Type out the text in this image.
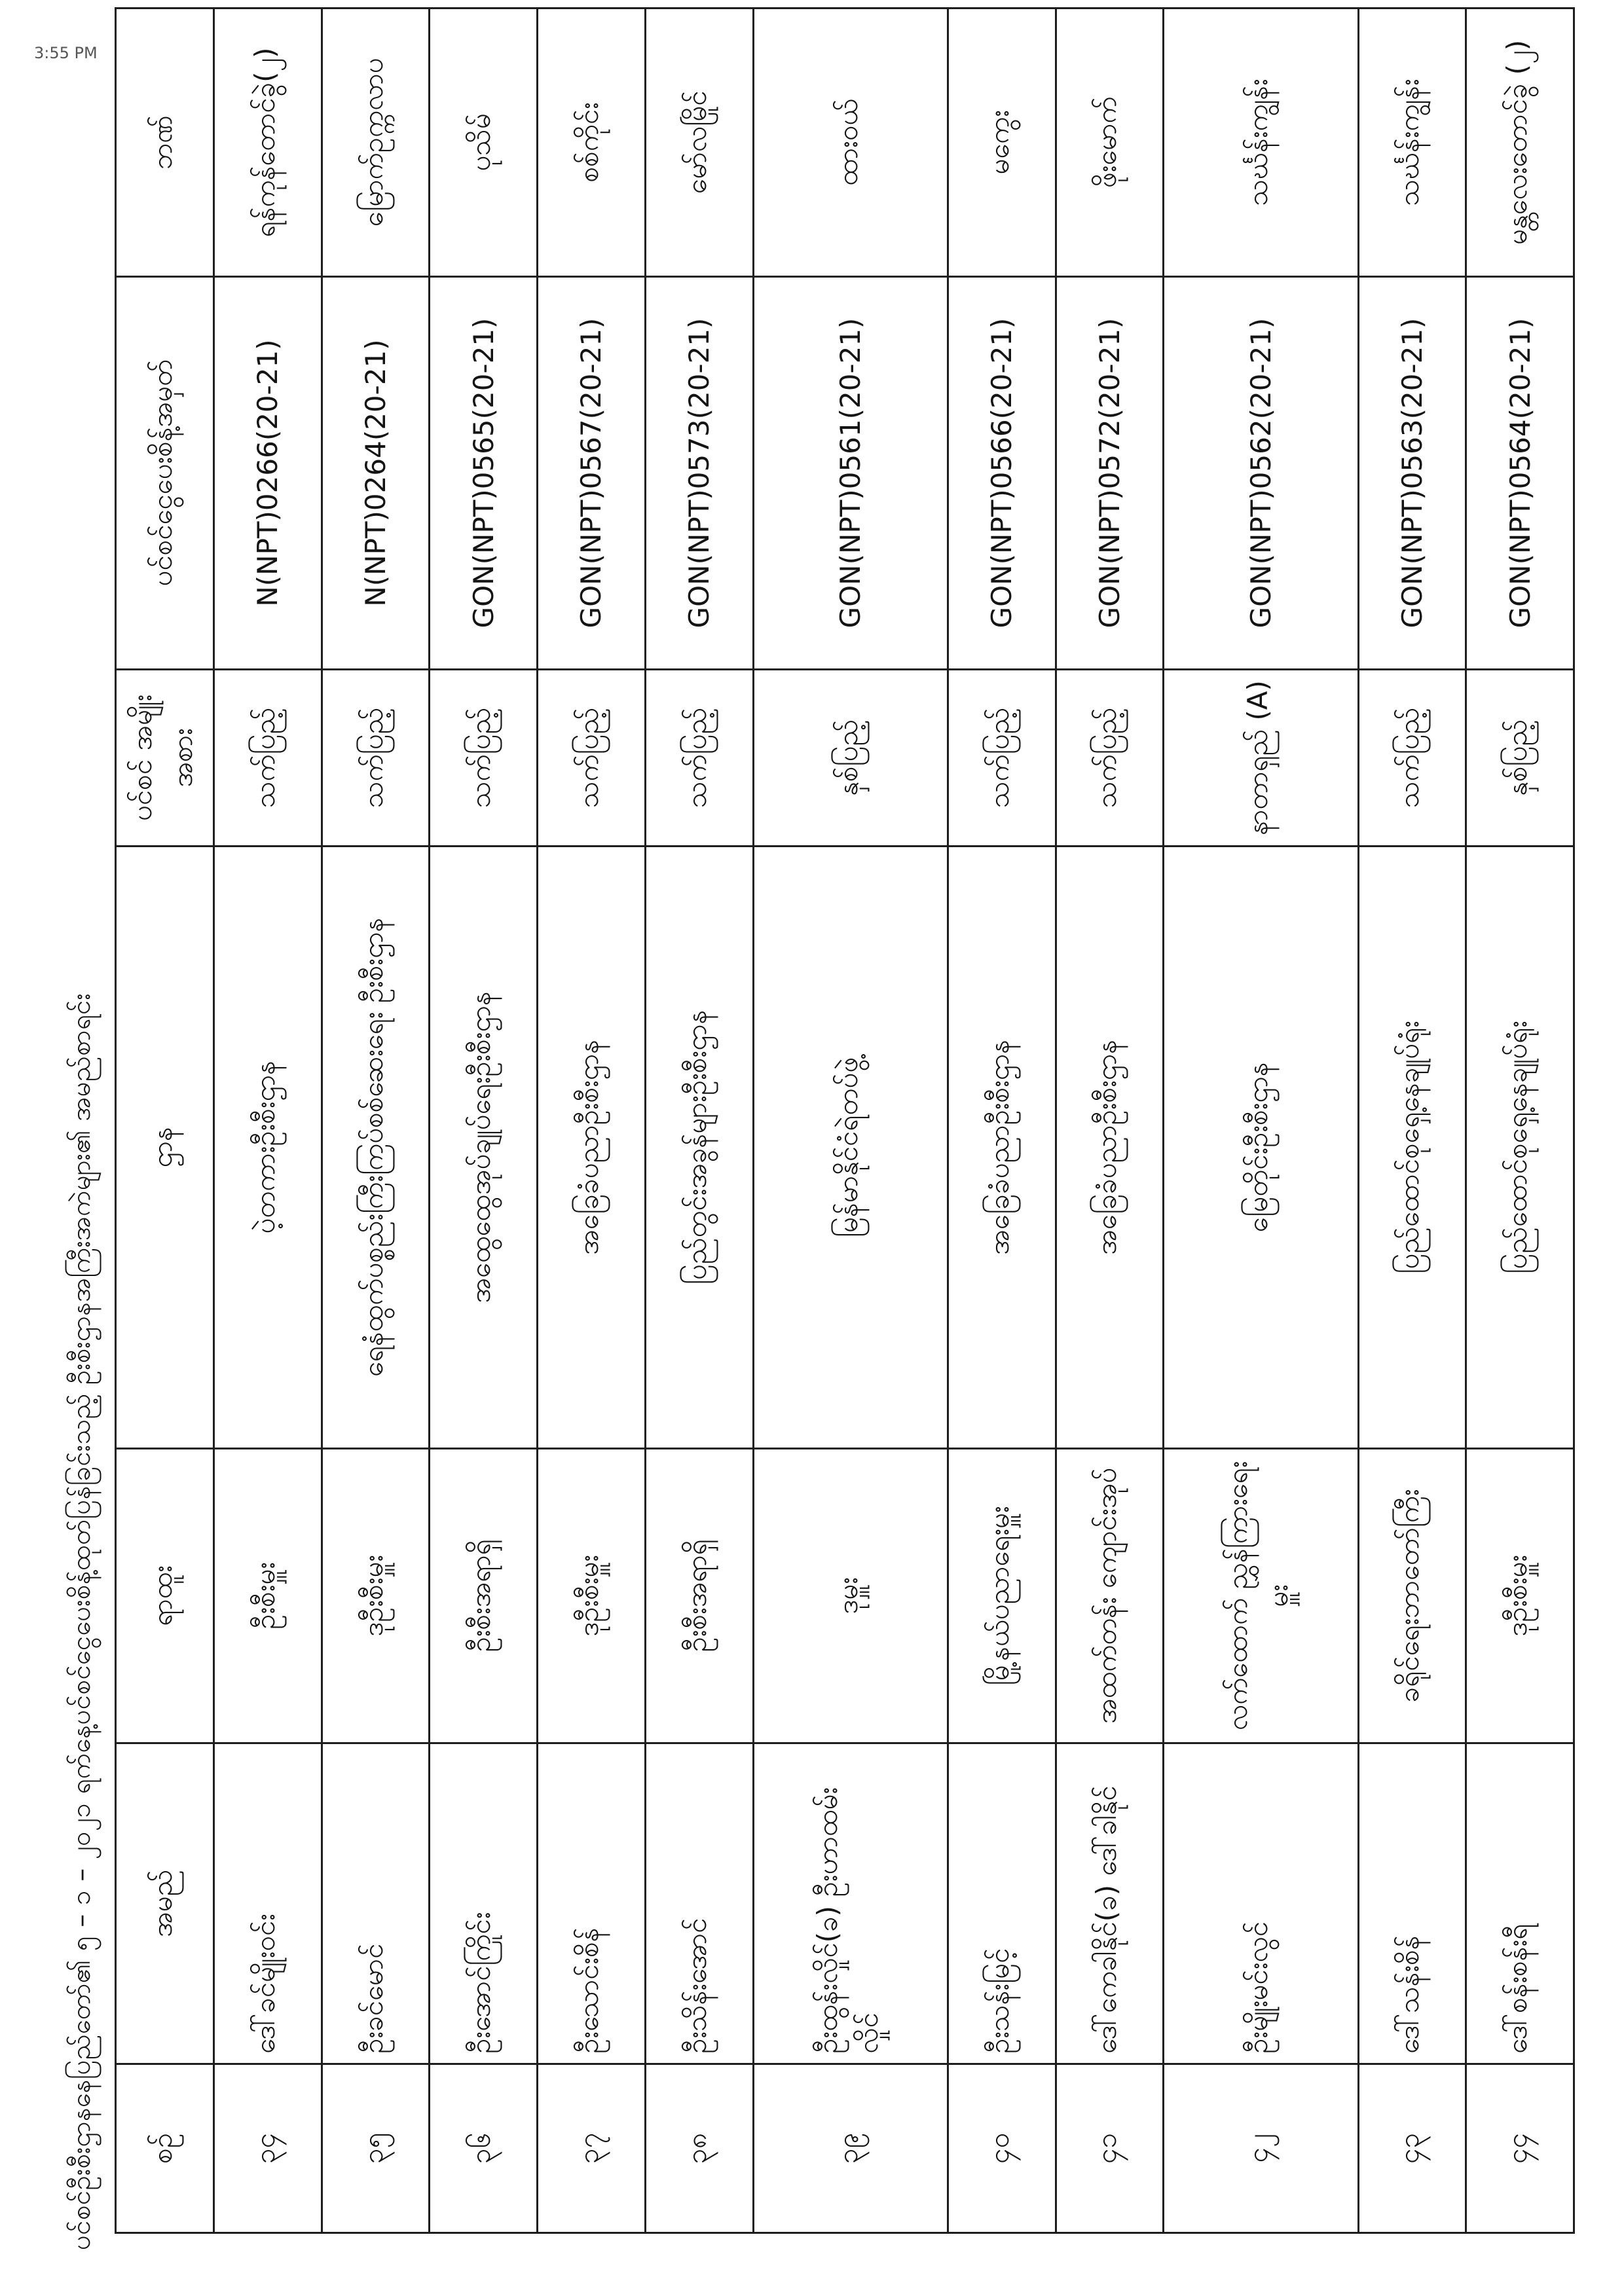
ပင်စင်ဦးစီးဌာနနေပြည်တော်၏ ၅ – ၁ – ၂၀၂၁ ရက်နေ့ပင်စင်ငွေပေးစိန့်ထုတ်ပြန်ခြင်းသည့် ဦးစီးဌာနအကြီးအကဲများ၏ အမည်စာရင်း စဉ်	အမည်	ရာထူး	ဌာန	ပင်စင် အမျိုးအစား	ပင်စင်ငွေပေးစိန့်အမှတ်	ဘဏ်
၃၄	ဒေါ်ခင်မျိုးဝင်း	ဦးစီးမှူး	ပဲ့တကားဦးစီးဌာန	သက်ပြည့်	N(NPT)0266(20-21)	ရန်ကုန်တောင်ခွဲ(၂)
၃၅	ဦးခင်မောင်	ဒုဦးစီးမှူး	ရေနံထွက်ပစ္စည်းကြီးကြပ်စစ်ဆေးရေး ဦးစီးဌာန	သက်ပြည့်	N(NPT)0264(20-21)	မြောက်ဥက္ကလာပ
၃၆	ဦးအောင်ကြိုင်း	ဦးစီးအရာရှိ	အထွေထွေအုပ်ချုပ်ရေးဦးစီးဌာန	သက်ပြည့်	GON(NPT)0565(20-21)	ပုသိမ်
၃၇	ဦးသောင်းစိန်	ဒုဦးစီးမှူး	အခြေခံပညာဦးစီးဌာန	သက်ပြည့်	GON(NPT)0567(20-21)	စစ်ကိုင်း
၃၈	ဦးသိန်းအောင်	ဦးစီးအရာရှိ	ပြည်တွင်းအခွန်များဦးစီးဌာန	သက်ပြည့်	GON(NPT)0573(20-21)	မော်လမြိုင်
၃၉	ဦးထွန်းလှိုင်(ခ) ဦးဟာထမ်းလှိုင်	ဒုမှူး	မြန်မာနိုင်ငံရဲတပ်ဖွဲ့	နှစ်ပြည့်	GON(NPT)0561(20-21)	ထားဝယ်
၄၀	ဦးသန်းမြင့်	မြို့နယ်ပညာရေးမှူး	အခြေခံပညာဦးစီးဌာန	သက်ပြည့်	GON(NPT)0566(20-21)	မကွေး
၄၁	ဒေါ်ကေခါနိုင်(ခ) ဒေါ်ခါနိုင်	အထက်တန်း ကျောင်းအုပ်	အခြေခံပညာဦးစီးဌာန	သက်ပြည့်	GON(NPT)0572(20-21)	ဖိုးမောက်
၄၂	ဦးမျိုးမင်းလွင်	လက်ထောက် ညွှန်ကြားရေးမှူး	မြေတိုင်းဦးစီးဌာန	နာတာရှည် (A)	GON(NPT)0562(20-21)	သင်္ဃန်းကျွန်း
၄၃	ဒေါ်သန်းစိန်	ခရိုင်ရေးဘာတော်ကြီး	ပြည်ထောင်စုရှေ့နေချုပ်ရုံး	သက်ပြည့်	GON(NPT)0563(20-21)	သင်္ဃန်းကျွန်း
၄၄	ဒေါ်စန်းစန်းရီ	ဒုဦးစီးမှူး	ပြည်ထောင်စုရှေ့နေချုပ်ရုံး	နှစ်ပြည့်	GON(NPT)0564(20-21)	မန္တလေးတောင်ခွဲ (၂)
3:55 PM
